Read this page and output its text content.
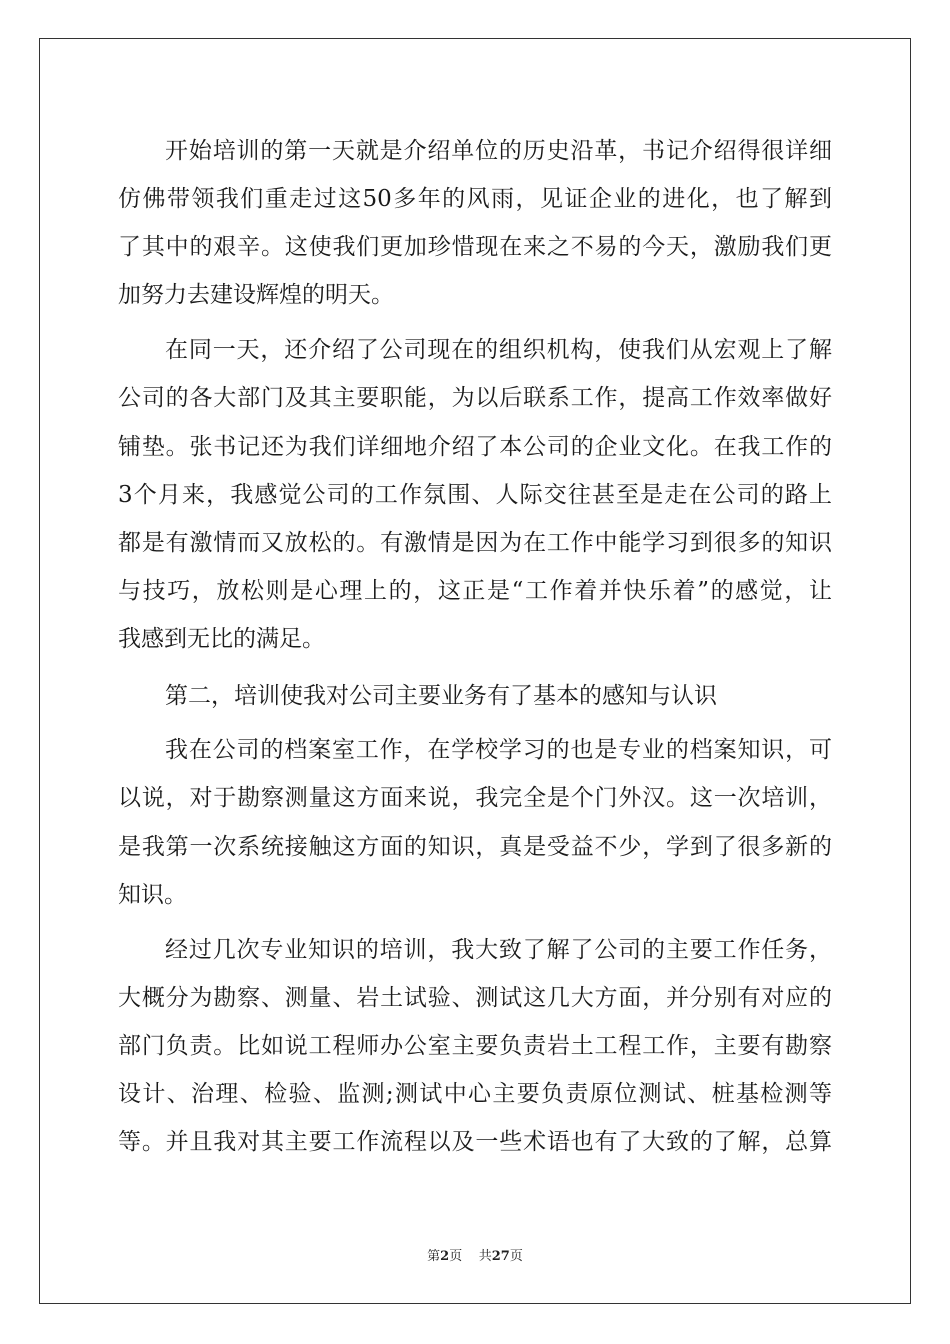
开始培训的第一天就是介绍单位的历史沿革，书记介绍得很详细
仿佛带领我们重走过这50多年的风雨，见证企业的进化，也了解到
了其中的艰辛。这使我们更加珍惜现在来之不易的今天，激励我们更
加努力去建设辉煌的明天。
在同一天，还介绍了公司现在的组织机构，使我们从宏观上了解
公司的各大部门及其主要职能，为以后联系工作，提高工作效率做好
铺垫。张书记还为我们详细地介绍了本公司的企业文化。在我工作的
3个月来，我感觉公司的工作氛围、人际交往甚至是走在公司的路上
都是有激情而又放松的。有激情是因为在工作中能学习到很多的知识
与技巧，放松则是心理上的，这正是“工作着并快乐着”的感觉，让
我感到无比的满足。
第二，培训使我对公司主要业务有了基本的感知与认识
我在公司的档案室工作，在学校学习的也是专业的档案知识，可
以说，对于勘察测量这方面来说，我完全是个门外汉。这一次培训，
是我第一次系统接触这方面的知识，真是受益不少，学到了很多新的
知识。
经过几次专业知识的培训，我大致了解了公司的主要工作任务，
大概分为勘察、测量、岩土试验、测试这几大方面，并分别有对应的
部门负责。比如说工程师办公室主要负责岩土工程工作，主要有勘察
设计、治理、检验、监测;测试中心主要负责原位测试、桩基检测等
等。并且我对其主要工作流程以及一些术语也有了大致的了解，总算
第2页    共27页
